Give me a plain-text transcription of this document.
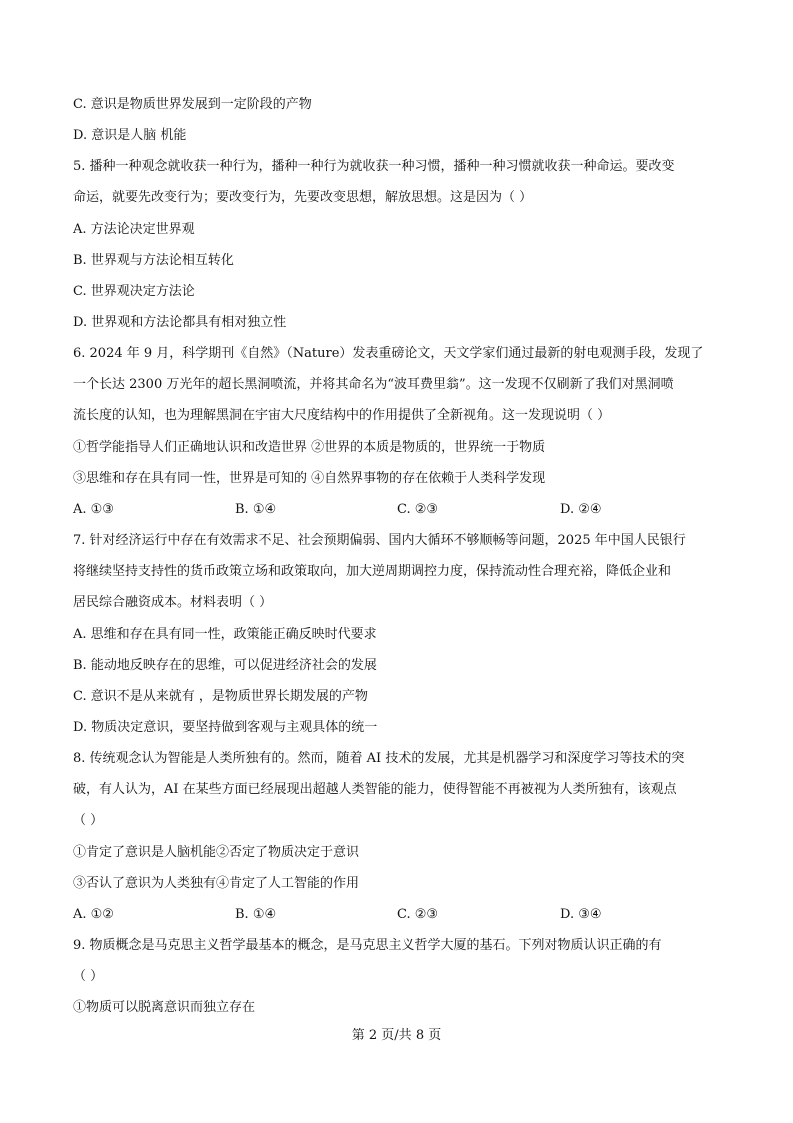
C. 意识是物质世界发展到一定阶段的产物
D. 意识是人脑 机能
5. 播种一种观念就收获一种行为，播种一种行为就收获一种习惯，播种一种习惯就收获一种命运。要改变
命运，就要先改变行为；要改变行为，先要改变思想，解放思想。这是因为（ ）
A. 方法论决定世界观
B. 世界观与方法论相互转化
C. 世界观决定方法论
D. 世界观和方法论都具有相对独立性
6. 2024 年 9 月，科学期刊《自然》（Nature）发表重磅论文，天文学家们通过最新的射电观测手段，发现了
一个长达 2300 万光年的超长黑洞喷流，并将其命名为“波耳费里翁”。这一发现不仅刷新了我们对黑洞喷
流长度的认知，也为理解黑洞在宇宙大尺度结构中的作用提供了全新视角。这一发现说明（ ）
①哲学能指导人们正确地认识和改造世界 ②世界的本质是物质的，世界统一于物质
③思维和存在具有同一性，世界是可知的 ④自然界事物的存在依赖于人类科学发现
A. ①③	B. ①④	C. ②③	D. ②④
7. 针对经济运行中存在有效需求不足、社会预期偏弱、国内大循环不够顺畅等问题，2025 年中国人民银行
将继续坚持支持性的货币政策立场和政策取向，加大逆周期调控力度，保持流动性合理充裕，降低企业和
居民综合融资成本。材料表明（ ）
A. 思维和存在具有同一性，政策能正确反映时代要求
B. 能动地反映存在的思维，可以促进经济社会的发展
C. 意识不是从来就有 ，是物质世界长期发展的产物
D. 物质决定意识，要坚持做到客观与主观具体的统一
8. 传统观念认为智能是人类所独有的。然而，随着 AI 技术的发展，尤其是机器学习和深度学习等技术的突
破，有人认为，AI 在某些方面已经展现出超越人类智能的能力，使得智能不再被视为人类所独有，该观点
（ ）
①肯定了意识是人脑机能②否定了物质决定于意识
③否认了意识为人类独有④肯定了人工智能的作用
A. ①②	B. ①④	C. ②③	D. ③④
9. 物质概念是马克思主义哲学最基本的概念，是马克思主义哲学大厦的基石。下列对物质认识正确的有
（ ）
①物质可以脱离意识而独立存在
第 2 页/共 8 页
